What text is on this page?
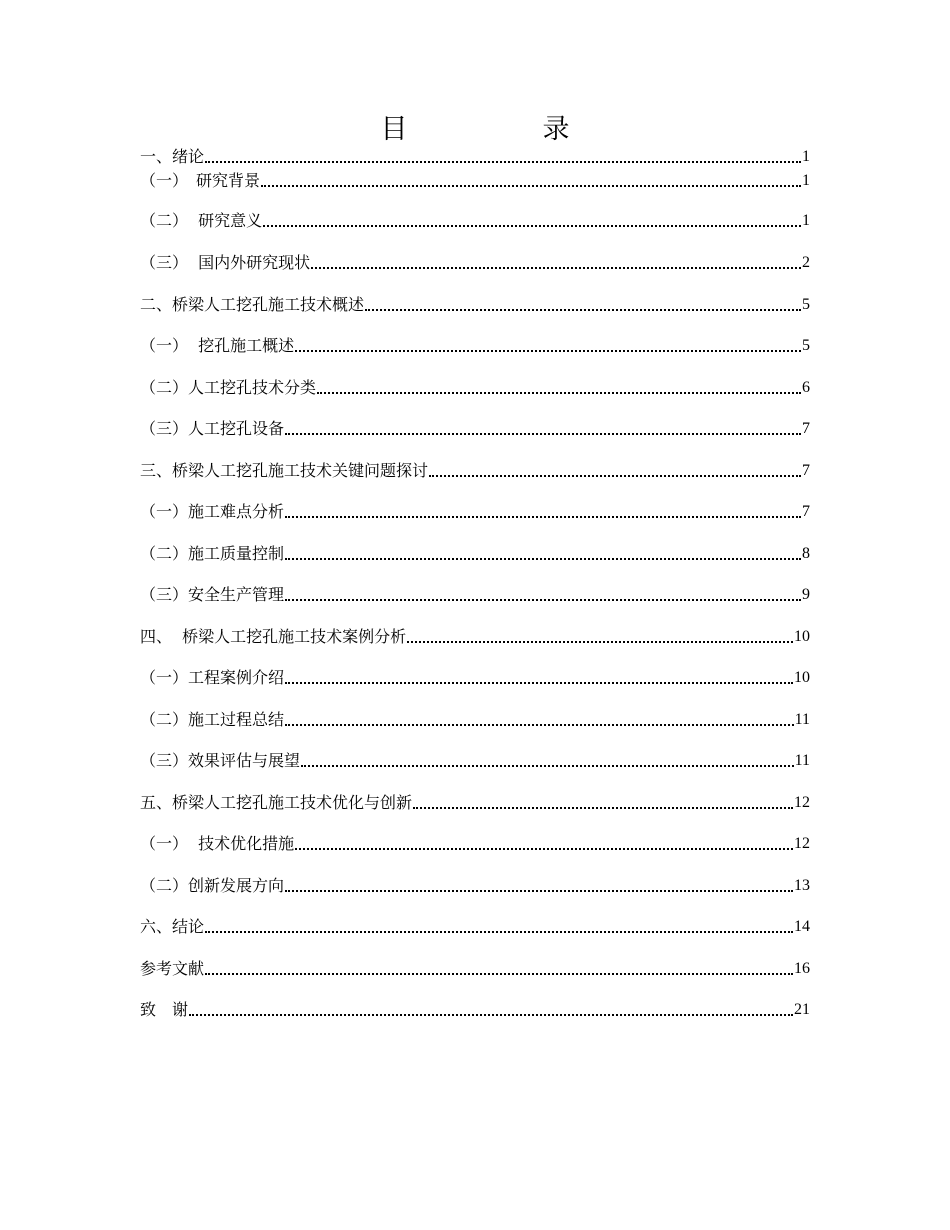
目　录
一、绪论	1
（一）　研究背景	1
（二）  研究意义	1
（三）  国内外研究现状	2
二、桥梁人工挖孔施工技术概述	5
（一）  挖孔施工概述	5
（二）人工挖孔技术分类	6
（三）人工挖孔设备	7
三、桥梁人工挖孔施工技术关键问题探讨	7
（一）施工难点分析	7
（二）施工质量控制	8
（三）安全生产管理	9
四、  桥梁人工挖孔施工技术案例分析	10
（一）工程案例介绍	10
（二）施工过程总结	11
（三）效果评估与展望	11
五、桥梁人工挖孔施工技术优化与创新	12
（一）  技术优化措施	12
（二）创新发展方向	13
六、结论	14
参考文献	16
致　谢	21
